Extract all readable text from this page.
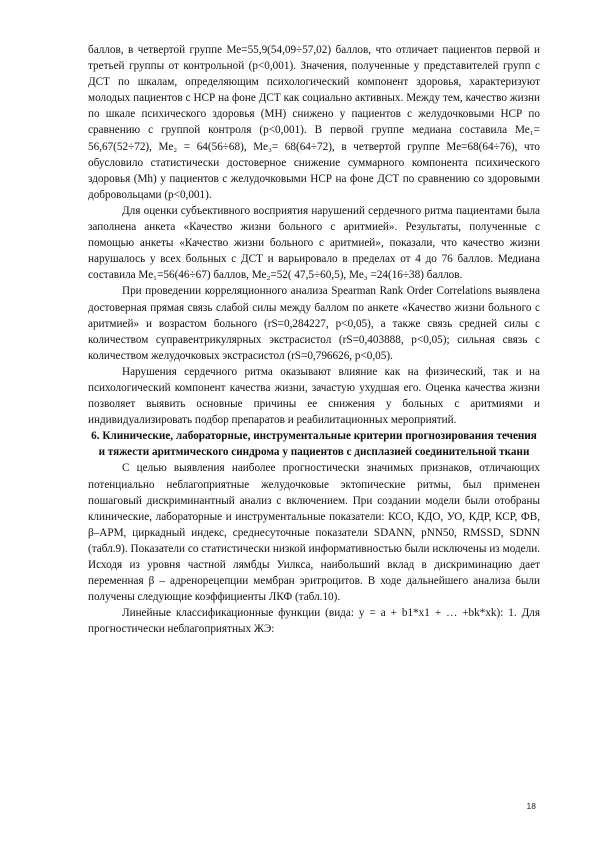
баллов, в четвертой группе Ме=55,9(54,09÷57,02) баллов, что отличает пациентов первой и третьей группы от контрольной (р<0,001). Значения, полученные у представителей групп с ДСТ по шкалам, определяющим психологический компонент здоровья, характеризуют молодых пациентов с НСР на фоне ДСТ как социально активных. Между тем, качество жизни по шкале психического здоровья (МН) снижено у пациентов с желудочковыми НСР по сравнению с группой контроля (р<0,001). В первой группе медиана составила Ме₁= 56,67(52÷72), Ме₂ = 64(56÷68), Ме₃= 68(64÷72), в четвертой группе Ме=68(64÷76), что обусловило статистически достоверное снижение суммарного компонента психического здоровья (Mh) у пациентов с желудочковыми НСР на фоне ДСТ по сравнению со здоровыми добровольцами (р<0,001).

Для оценки субъективного восприятия нарушений сердечного ритма пациентами была заполнена анкета «Качество жизни больного с аритмией». Результаты, полученные с помощью анкеты «Качество жизни больного с аритмией», показали, что качество жизни нарушалось у всех больных с ДСТ и варьировало в пределах от 4 до 76 баллов. Медиана составила Ме₁=56(46÷67) баллов, Ме₂=52( 47,5÷60,5), Ме₃ =24(16÷38) баллов.

При проведении корреляционного анализа Spearman Rank Order Correlations выявлена достоверная прямая связь слабой силы между баллом по анкете «Качество жизни больного с аритмией» и возрастом больного (rS=0,284227, р<0,05), а также связь средней силы с количеством суправентрикулярных экстрасистол (rS=0,403888, р<0,05); сильная связь с количеством желудочковых экстрасистол (rS=0,796626, р<0,05).

Нарушения сердечного ритма оказывают влияние как на физический, так и на психологический компонент качества жизни, зачастую ухудшая его. Оценка качества жизни позволяет выявить основные причины ее снижения у больных с аритмиями и индивидуализировать подбор препаратов и реабилитационных мероприятий.

6. Клинические, лабораторные, инструментальные критерии прогнозирования течения и тяжести аритмического синдрома у пациентов с дисплазией соединительной ткани

С целью выявления наиболее прогностически значимых признаков, отличающих потенциально неблагоприятные желудочковые эктопические ритмы, был применен пошаговый дискриминантный анализ с включением. При создании модели были отобраны клинические, лабораторные и инструментальные показатели: КСО, КДО, УО, КДР, КСР, ФВ, β–АРМ, циркадный индекс, среднесуточные показатели SDANN, pNN50, RMSSD, SDNN (табл.9). Показатели со статистически низкой информативностью были исключены из модели. Исходя из уровня частной лямбды Уилкса, наибольший вклад в дискриминацию дает переменная β – адренорецепции мембран эритроцитов. В ходе дальнейшего анализа были получены следующие коэффициенты ЛКФ (табл.10).

Линейные классификационные функции (вида: y = a + b1*x1 + … +bk*xk): 1. Для прогностически неблагоприятных ЖЭ:

18
